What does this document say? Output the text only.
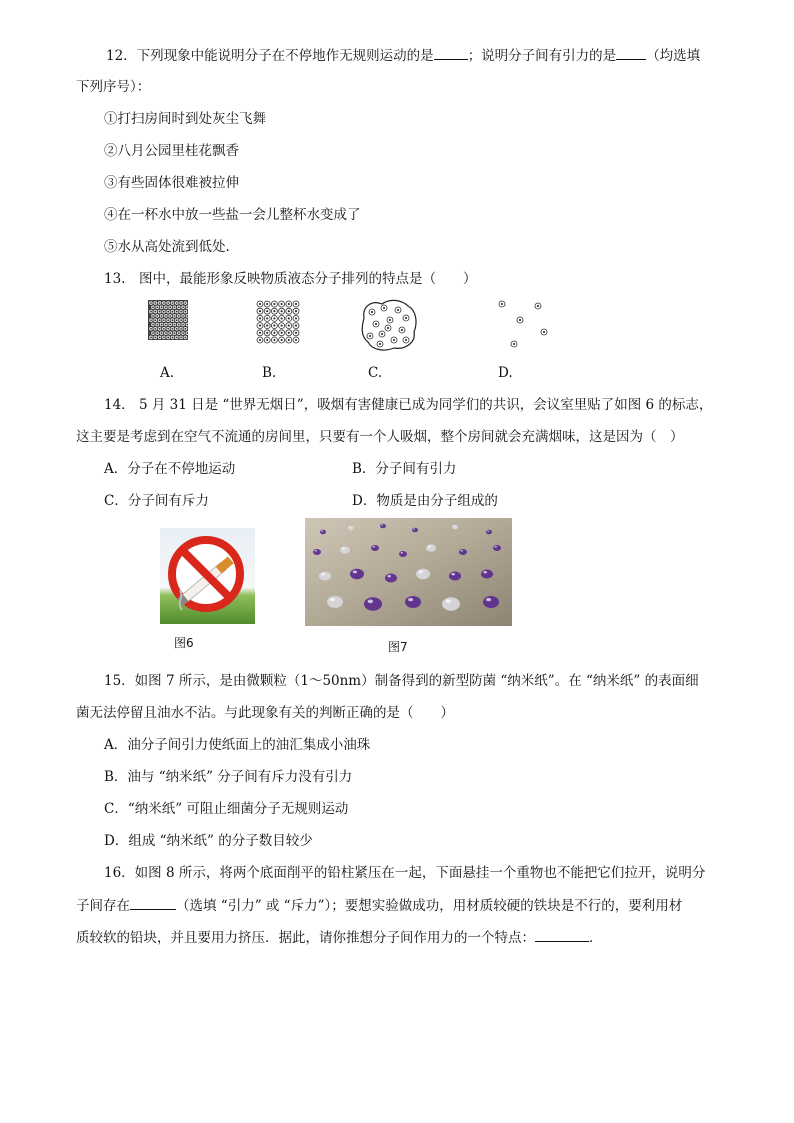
12．下列现象中能说明分子在不停地作无规则运动的是	；说明分子间有引力的是 （均选填
下列序号）：
①打扫房间时到处灰尘飞舞
②八月公园里桂花飘香
③有些固体很难被拉伸
④在一杯水中放一些盐一会儿整杯水变成了
⑤水从高处流到低处.
13.　图中，最能形象反映物质液态分子排列的特点是（　　）
A.	B.	C.	D.
14． 5 月 31 日是 “世界无烟日”，吸烟有害健康已成为同学们的共识，会议室里贴了如图 6 的标志，
这主要是考虑到在空气不流通的房间里，只要有一个人吸烟，整个房间就会充满烟味，这是因为（　）
A．分子在不停地运动	B．分子间有引力
C．分子间有斥力	D．物质是由分子组成的
图6	图7
15．如图 7 所示，是由微颗粒（1～50nm）制备得到的新型防菌 “纳米纸”。在 “纳米纸” 的表面细
菌无法停留且油水不沾。与此现象有关的判断正确的是（　　）
A．油分子间引力使纸面上的油汇集成小油珠
B．油与 “纳米纸” 分子间有斥力没有引力
C．“纳米纸” 可阻止细菌分子无规则运动
D．组成 “纳米纸” 的分子数目较少
16．如图 8 所示，将两个底面削平的铅柱紧压在一起，下面悬挂一个重物也不能把它们拉开，说明分
子间存在	（选填 “引力” 或 “斥力”）；要想实验做成功，用材质较硬的铁块是不行的，要利用材
质较软的铅块，并且要用力挤压．据此，请你推想分子间作用力的一个特点：	．
